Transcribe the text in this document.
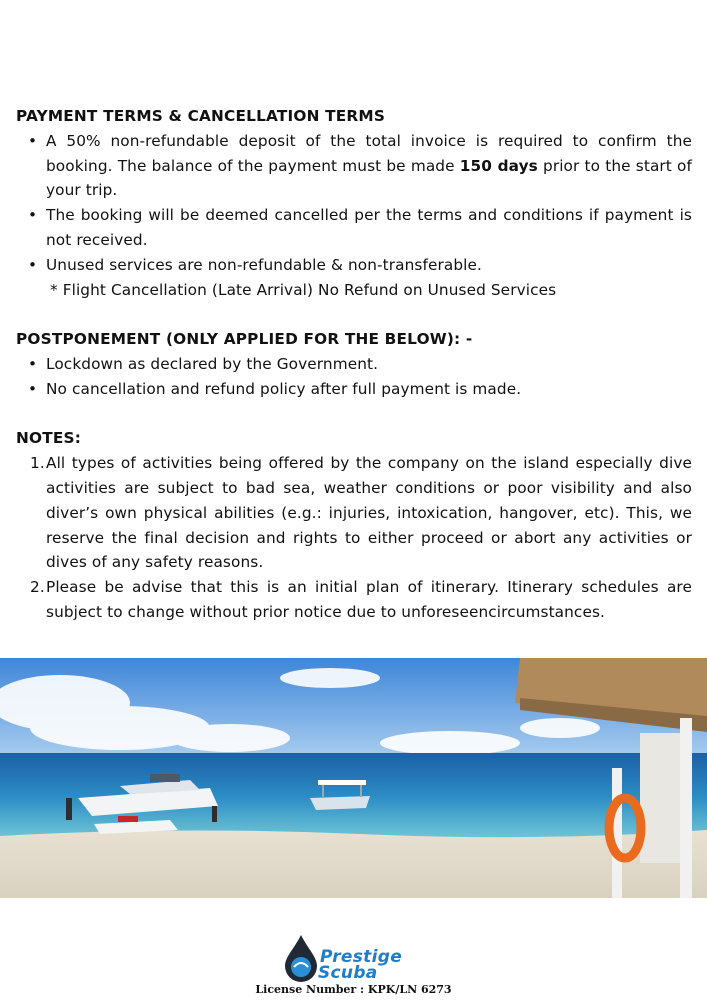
PAYMENT TERMS & CANCELLATION TERMS

• A 50% non-refundable deposit of the total invoice is required to confirm the booking. The balance of the payment must be made 150 days prior to the start of your trip.
• The booking will be deemed cancelled per the terms and conditions if payment is not received.
• Unused services are non-refundable & non-transferable.
* Flight Cancellation (Late Arrival) No Refund on Unused Services

POSTPONEMENT (ONLY APPLIED FOR THE BELOW): -

• Lockdown as declared by the Government.
• No cancellation and refund policy after full payment is made.

NOTES:

1. All types of activities being offered by the company on the island especially dive activities are subject to bad sea, weather conditions or poor visibility and also diver’s own physical abilities (e.g.: injuries, intoxication, hangover, etc). This, we reserve the final decision and rights to either proceed or abort any activities or dives of any safety reasons.
2. Please be advise that this is an initial plan of itinerary. Itinerary schedules are subject to change without prior notice due to unforeseencircumstances.
Prestige
Scuba
License Number : KPK/LN 6273
